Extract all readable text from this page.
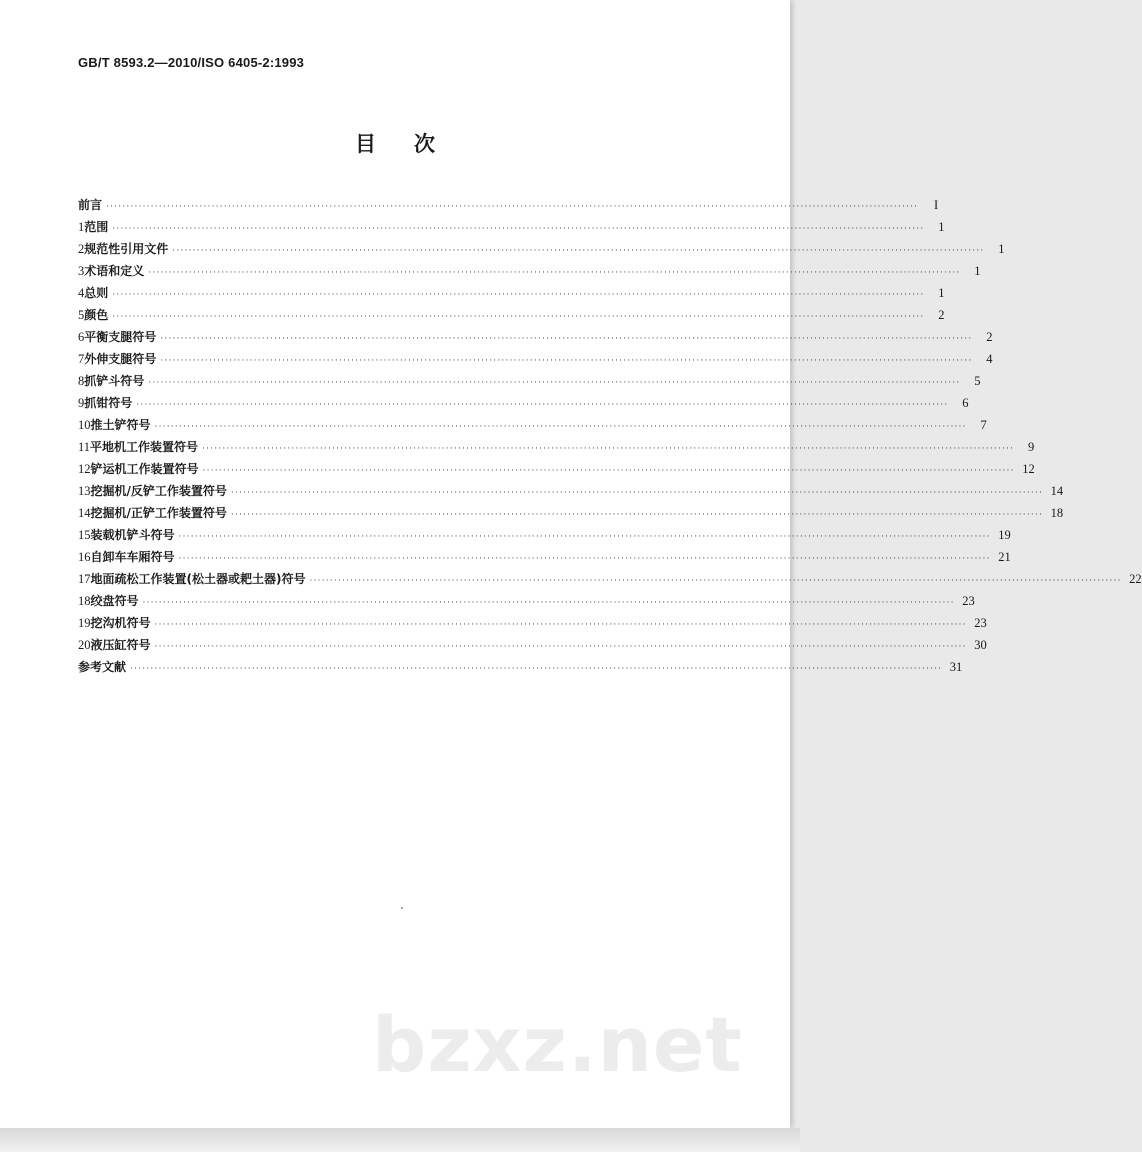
GB/T 8593.2—2010/ISO 6405-2:1993
目 次
前言 ········································································································································································································	I
1 范围 ········································································································································································································	1
2 规范性引用文件 ········································································································································································································	1
3 术语和定义 ········································································································································································································	1
4 总则 ········································································································································································································	1
5 颜色 ········································································································································································································	2
6 平衡支腿符号 ········································································································································································································	2
7 外伸支腿符号 ········································································································································································································	4
8 抓铲斗符号 ········································································································································································································	5
9 抓钳符号 ········································································································································································································	6
10 推土铲符号 ········································································································································································································	7
11 平地机工作装置符号 ········································································································································································································	9
12 铲运机工作装置符号 ········································································································································································································ 12
13 挖掘机/反铲工作装置符号 ········································································································································································································ 14
14 挖掘机/正铲工作装置符号 ········································································································································································································ 18
15 装载机铲斗符号 ········································································································································································································ 19
16 自卸车车厢符号 ········································································································································································································ 21
17 地面疏松工作装置(松土器或耙土器)符号 ········································································································································································································ 22
18 绞盘符号 ········································································································································································································ 23
19 挖沟机符号 ········································································································································································································ 23
20 液压缸符号 ········································································································································································································ 30
参考文献 ········································································································································································································ 31
bzxz.net
